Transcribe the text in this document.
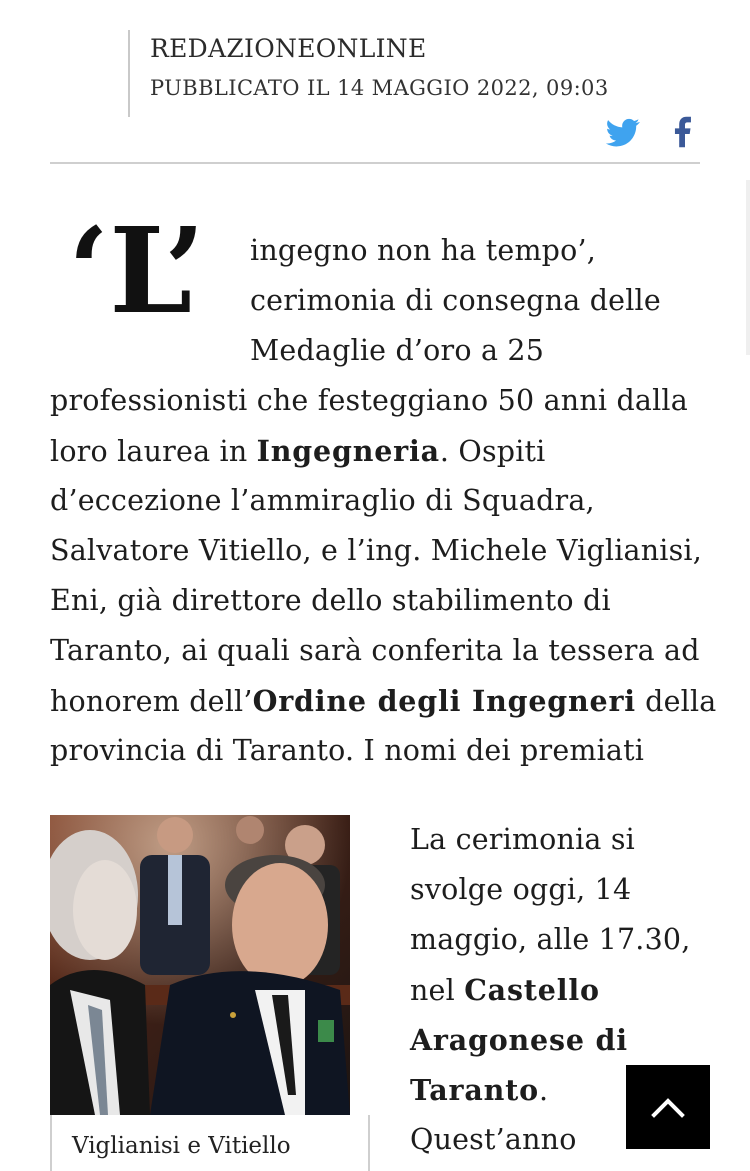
REDAZIONEONLINE
PUBBLICATO IL 14 MAGGIO 2022, 09:03
‘L’	ingegno non ha tempo’,
cerimonia di consegna delle
Medaglie d’oro a 25
professionisti che festeggiano 50 anni dalla
loro laurea in Ingegneria. Ospiti
d’eccezione l’ammiraglio di Squadra,
Salvatore Vitiello, e l’ing. Michele Viglianisi,
Eni, già direttore dello stabilimento di
Taranto, ai quali sarà conferita la tessera ad
honorem dell’Ordine degli Ingegneri della
provincia di Taranto. I nomi dei premiati
Viglianisi e Vitiello
La cerimonia si
svolge oggi, 14
maggio, alle 17.30,
nel Castello
Aragonese di
Taranto.
Quest’anno
